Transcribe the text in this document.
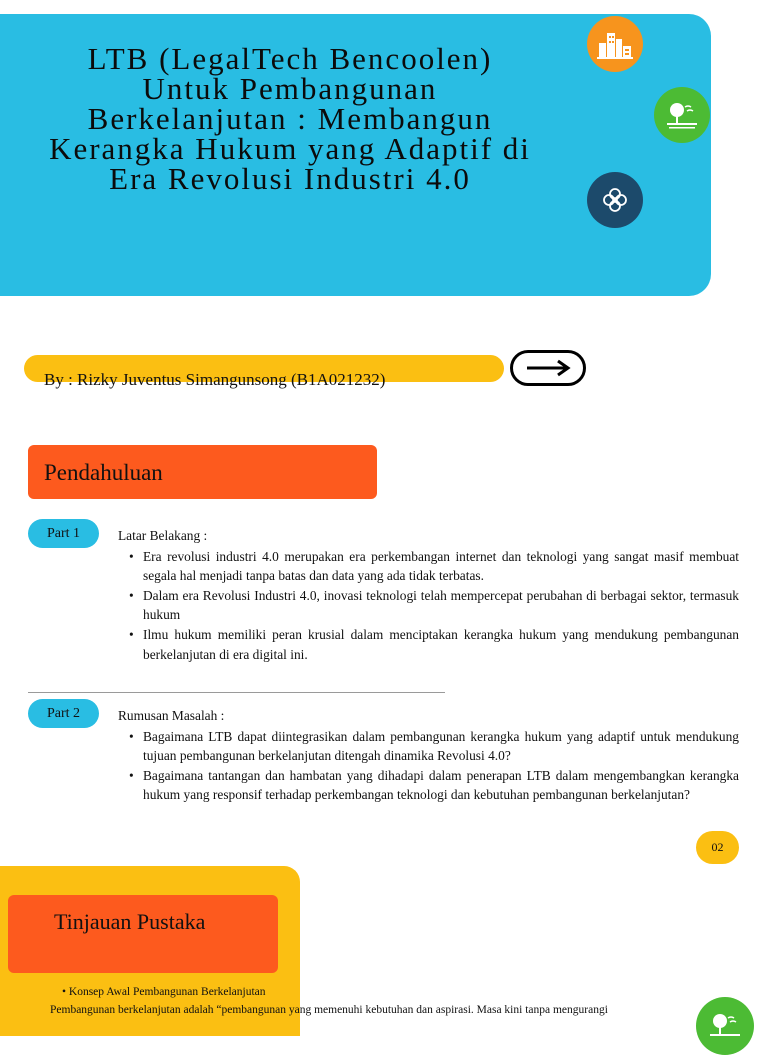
LTB (LegalTech Bencoolen) Untuk Pembangunan Berkelanjutan : Membangun Kerangka Hukum yang Adaptif di Era Revolusi Industri 4.0
By : Rizky Juventus Simangunsong (B1A021232)
Pendahuluan
Part 1	Latar Belakang :

• Era revolusi industri 4.0 merupakan era perkembangan internet dan teknologi yang sangat masif membuat segala hal menjadi tanpa batas dan data yang ada tidak terbatas.
• Dalam era Revolusi Industri 4.0, inovasi teknologi telah mempercepat perubahan di berbagai sektor, termasuk hukum
• Ilmu hukum memiliki peran krusial dalam menciptakan kerangka hukum yang mendukung pembangunan berkelanjutan di era digital ini.
Part 2	Rumusan Masalah :

• Bagaimana LTB dapat diintegrasikan dalam pembangunan kerangka hukum yang adaptif untuk mendukung tujuan pembangunan berkelanjutan ditengah dinamika Revolusi 4.0?
• Bagaimana tantangan dan hambatan yang dihadapi dalam penerapan LTB dalam mengembangkan kerangka hukum yang responsif terhadap perkembangan teknologi dan kebutuhan pembangunan berkelanjutan?
02
Tinjauan Pustaka
• Konsep Awal Pembangunan Berkelanjutan
Pembangunan berkelanjutan adalah “pembangunan yang memenuhi kebutuhan dan aspirasi. Masa kini tanpa mengurangi
